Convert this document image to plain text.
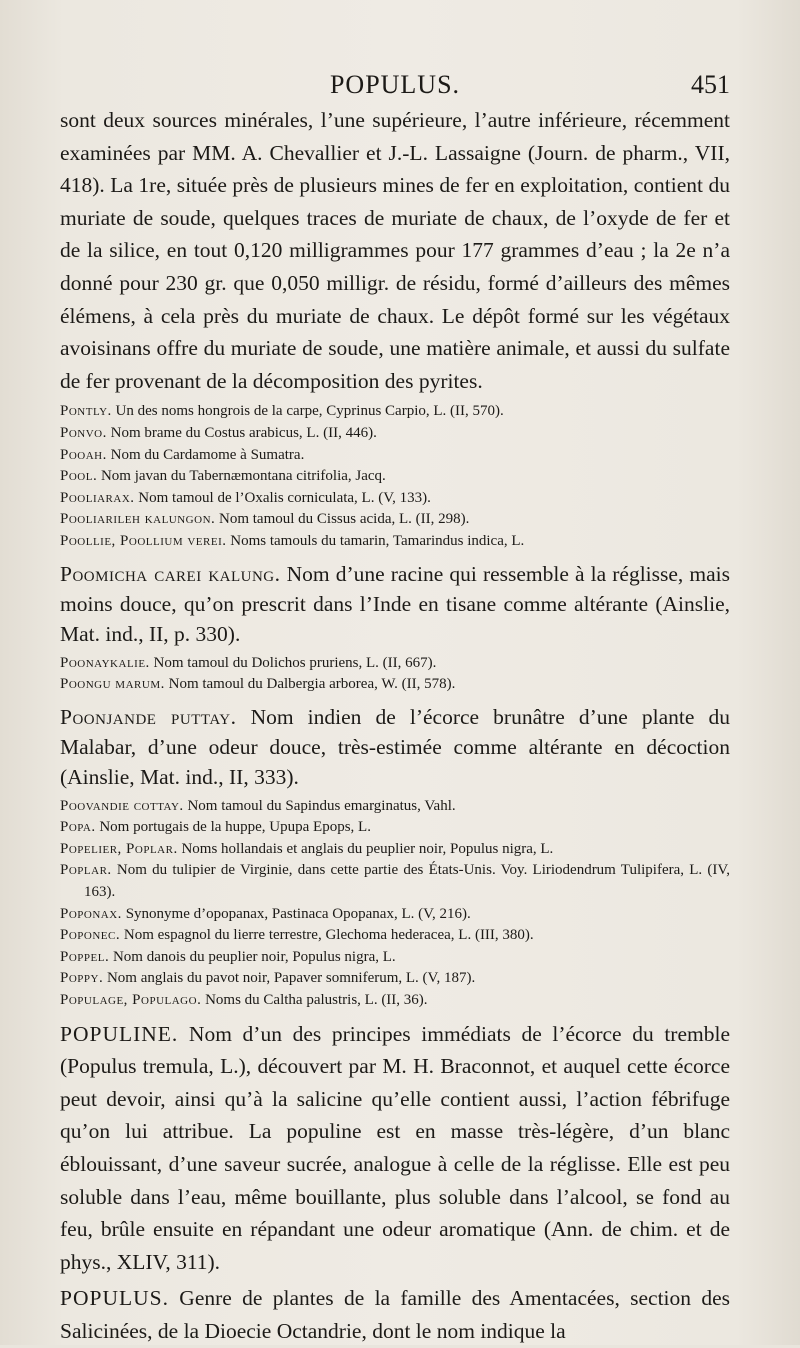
POPULUS.	451

sont deux sources minérales, l’une supérieure, l’autre inférieure, récemment examinées par MM. A. Chevallier et J.-L. Lassaigne (Journ. de pharm., VII, 418). La 1re, située près de plusieurs mines de fer en exploitation, contient du muriate de soude, quelques traces de muriate de chaux, de l’oxyde de fer et de la silice, en tout 0,120 milligrammes pour 177 grammes d’eau ; la 2e n’a donné pour 230 gr. que 0,050 milligr. de résidu, formé d’ailleurs des mêmes élémens, à cela près du muriate de chaux. Le dépôt formé sur les végétaux avoisinans offre du muriate de soude, une matière animale, et aussi du sulfate de fer provenant de la décomposition des pyrites.

Pontly. Un des noms hongrois de la carpe, Cyprinus Carpio, L. (II, 570).

Ponvo. Nom brame du Costus arabicus, L. (II, 446).

Pooah. Nom du Cardamome à Sumatra.

Pool. Nom javan du Tabernæmontana citrifolia, Jacq.

Pooliarax. Nom tamoul de l’Oxalis corniculata, L. (V, 133).

Pooliarileh kalungon. Nom tamoul du Cissus acida, L. (II, 298).

Poollie, Poollium verei. Noms tamouls du tamarin, Tamarindus indica, L.

Poomicha carei kalung. Nom d’une racine qui ressemble à la réglisse, mais moins douce, qu’on prescrit dans l’Inde en tisane comme altérante (Ainslie, Mat. ind., II, p. 330).

Poonaykalie. Nom tamoul du Dolichos pruriens, L. (II, 667).

Poongu marum. Nom tamoul du Dalbergia arborea, W. (II, 578).

Poonjande puttay. Nom indien de l’écorce brunâtre d’une plante du Malabar, d’une odeur douce, très-estimée comme altérante en décoction (Ainslie, Mat. ind., II, 333).

Poovandie cottay. Nom tamoul du Sapindus emarginatus, Vahl.

Popa. Nom portugais de la huppe, Upupa Epops, L.

Popelier, Poplar. Noms hollandais et anglais du peuplier noir, Populus nigra, L.

Poplar. Nom du tulipier de Virginie, dans cette partie des États-Unis. Voy. Liriodendrum Tulipifera, L. (IV, 163).

Poponax. Synonyme d’opopanax, Pastinaca Opopanax, L. (V, 216).

Poponec. Nom espagnol du lierre terrestre, Glechoma hederacea, L. (III, 380).

Poppel. Nom danois du peuplier noir, Populus nigra, L.

Poppy. Nom anglais du pavot noir, Papaver somniferum, L. (V, 187).

Populage, Populago. Noms du Caltha palustris, L. (II, 36).

POPULINE. Nom d’un des principes immédiats de l’écorce du tremble (Populus tremula, L.), découvert par M. H. Braconnot, et auquel cette écorce peut devoir, ainsi qu’à la salicine qu’elle contient aussi, l’action fébrifuge qu’on lui attribue. La populine est en masse très-légère, d’un blanc éblouissant, d’une saveur sucrée, analogue à celle de la réglisse. Elle est peu soluble dans l’eau, même bouillante, plus soluble dans l’alcool, se fond au feu, brûle ensuite en répandant une odeur aromatique (Ann. de chim. et de phys., XLIV, 311).

POPULUS. Genre de plantes de la famille des Amentacées, section des Salicinées, de la Dioecie Octandrie, dont le nom indique la
